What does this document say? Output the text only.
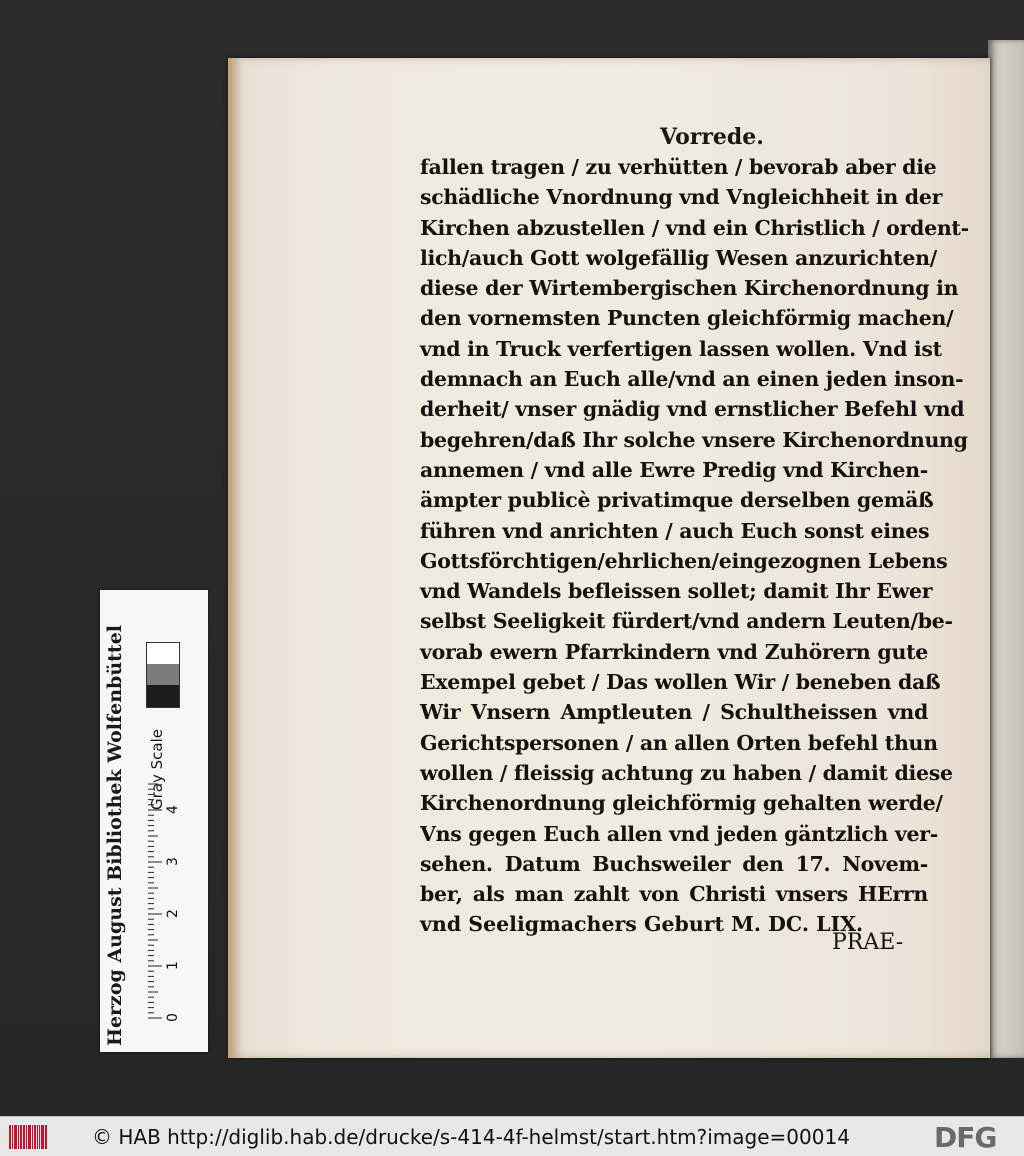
Vorrede.
fallen tragen / zu verhütten / bevorab aber die
schädliche Vnordnung vnd Vngleichheit in der
Kirchen abzustellen / vnd ein Christlich / ordent-
lich/auch Gott wolgefällig Wesen anzurichten/
diese der Wirtembergischen Kirchenordnung in
den vornemsten Puncten gleichförmig machen/
vnd in Truck verfertigen lassen wollen. Vnd ist
demnach an Euch alle/vnd an einen jeden inson-
derheit/ vnser gnädig vnd ernstlicher Befehl vnd
begehren/daß Ihr solche vnsere Kirchenordnung
annemen / vnd alle Ewre Predig vnd Kirchen-
ämpter publicè privatimque derselben gemäß
führen vnd anrichten / auch Euch sonst eines
Gottsförchtigen/ehrlichen/eingezognen Lebens
vnd Wandels befleissen sollet; damit Ihr Ewer
selbst Seeligkeit fürdert/vnd andern Leuten/be-
vorab ewern Pfarrkindern vnd Zuhörern gute
Exempel gebet / Das wollen Wir / beneben daß
Wir Vnsern Amptleuten / Schultheissen vnd
Gerichtspersonen / an allen Orten befehl thun
wollen / fleissig achtung zu haben / damit diese
Kirchenordnung gleichförmig gehalten werde/
Vns gegen Euch allen vnd jeden gäntzlich ver-
sehen. Datum Buchsweiler den 17. Novem-
ber, als man zahlt von Christi vnsers HErrn
vnd Seeligmachers Geburt M. DC. LIX.
PRAE-
Herzog August Bibliothek Wolfenbüttel	Gray Scale
0
1
2
3
4
© HAB http://diglib.hab.de/drucke/s-414-4f-helmst/start.htm?image=00014	DFG
